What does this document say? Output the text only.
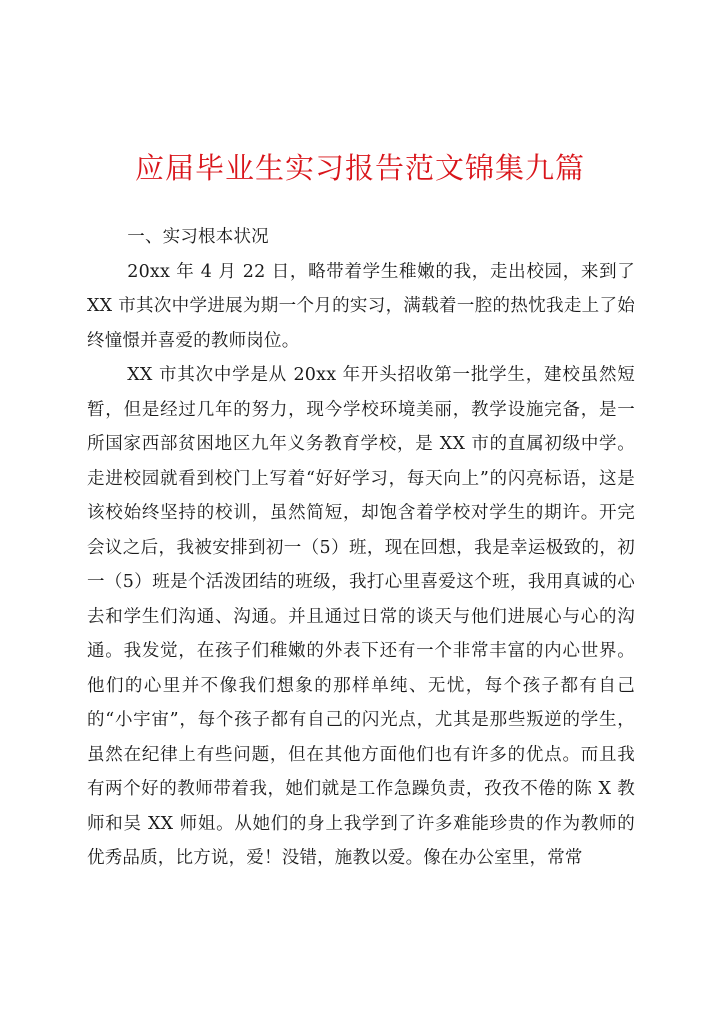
应届毕业生实习报告范文锦集九篇

一、实习根本状况

20xx 年 4 月 22 日，略带着学生稚嫩的我，走出校园，来到了 XX 市其次中学进展为期一个月的实习，满载着一腔的热忱我走上了始终憧憬并喜爱的教师岗位。

XX 市其次中学是从 20xx 年开头招收第一批学生，建校虽然短暂，但是经过几年的努力，现今学校环境美丽，教学设施完备，是一所国家西部贫困地区九年义务教育学校，是 XX 市的直属初级中学。走进校园就看到校门上写着“好好学习，每天向上”的闪亮标语，这是该校始终坚持的校训，虽然简短，却饱含着学校对学生的期许。开完会议之后，我被安排到初一（5）班，现在回想，我是幸运极致的，初一（5）班是个活泼团结的班级，我打心里喜爱这个班，我用真诚的心去和学生们沟通、沟通。并且通过日常的谈天与他们进展心与心的沟通。我发觉，在孩子们稚嫩的外表下还有一个非常丰富的内心世界。他们的心里并不像我们想象的那样单纯、无忧，每个孩子都有自己的“小宇宙”，每个孩子都有自己的闪光点，尤其是那些叛逆的学生，虽然在纪律上有些问题，但在其他方面他们也有许多的优点。而且我有两个好的教师带着我，她们就是工作急躁负责，孜孜不倦的陈 X 教师和吴 XX 师姐。从她们的身上我学到了许多难能珍贵的作为教师的优秀品质，比方说，爱！没错，施教以爱。像在办公室里，常常
